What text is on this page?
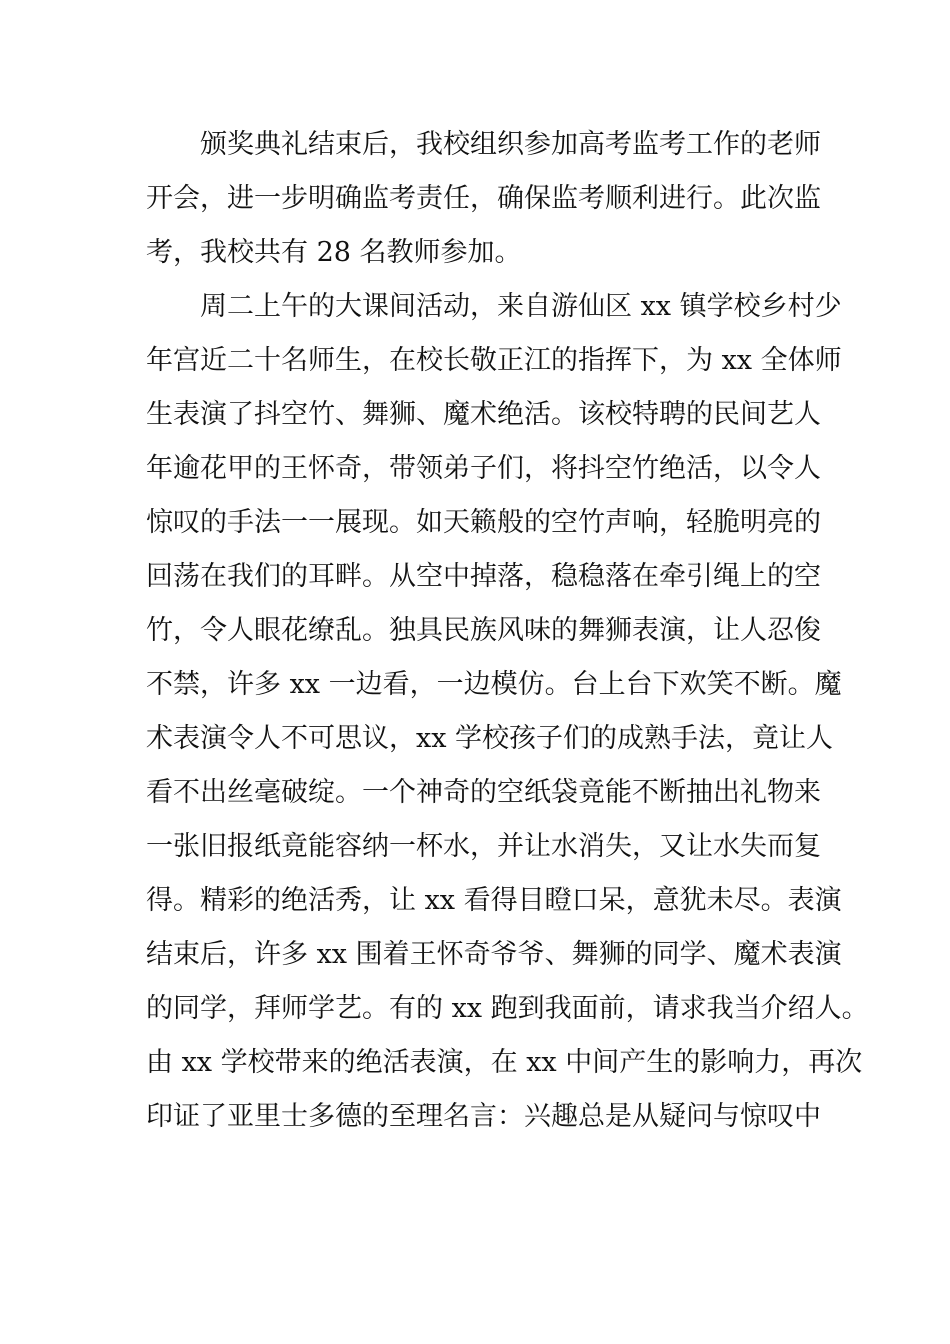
颁奖典礼结束后，我校组织参加高考监考工作的老师
开会，进一步明确监考责任，确保监考顺利进行。此次监
考，我校共有 28 名教师参加。
周二上午的大课间活动，来自游仙区 xx 镇学校乡村少
年宫近二十名师生，在校长敬正江的指挥下，为 xx 全体师
生表演了抖空竹、舞狮、魔术绝活。该校特聘的民间艺人
年逾花甲的王怀奇，带领弟子们，将抖空竹绝活，以令人
惊叹的手法一一展现。如天籁般的空竹声响，轻脆明亮的
回荡在我们的耳畔。从空中掉落，稳稳落在牵引绳上的空
竹，令人眼花缭乱。独具民族风味的舞狮表演，让人忍俊
不禁，许多 xx 一边看，一边模仿。台上台下欢笑不断。魔
术表演令人不可思议，xx 学校孩子们的成熟手法，竟让人
看不出丝毫破绽。一个神奇的空纸袋竟能不断抽出礼物来
一张旧报纸竟能容纳一杯水，并让水消失，又让水失而复
得。精彩的绝活秀，让 xx 看得目瞪口呆，意犹未尽。表演
结束后，许多 xx 围着王怀奇爷爷、舞狮的同学、魔术表演
的同学，拜师学艺。有的 xx 跑到我面前，请求我当介绍人。
由 xx 学校带来的绝活表演，在 xx 中间产生的影响力，再次
印证了亚里士多德的至理名言：兴趣总是从疑问与惊叹中
